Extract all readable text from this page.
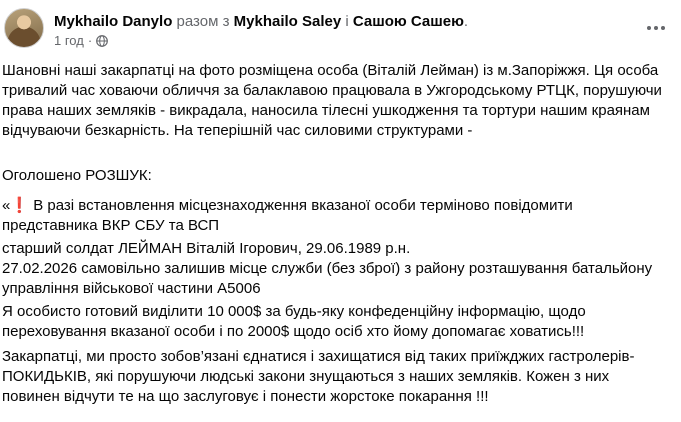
Mykhailo Danylo разом з Mykhailo Saley і Сашою Сашею.
1 год ·
Шановні наші закарпатці на фото розміщена особа (Віталій Лейман) із м.Запоріжжя. Ця особа тривалий час ховаючи обличчя за балаклавою працювала в Ужгородському РТЦК, порушуючи права наших земляків - викрадала, наносила тілесні ушкодження та тортури нашим краянам відчуваючи безкарність. На теперішній час силовими структурами -
Оголошено РОЗШУК:
«❗ В разі встановлення місцезнаходження вказаної особи терміново повідомити представника ВКР СБУ та ВСП
старший солдат ЛЕЙМАН Віталій Ігорович, 29.06.1989 р.н.
27.02.2026 самовільно залишив місце служби (без зброї) з району розташування батальйону управління військової частини А5006
Я особисто готовий виділити 10 000$ за будь-яку конфеденційну інформацію, щодо переховування вказаної особи і по 2000$ щодо осіб хто йому допомагає ховатись!!!
Закарпатці, ми просто зобов’язані єднатися і захищатися від таких приїжджих гастролерів-ПОКИДЬКІВ, які порушуючи людські закони знущаються з наших земляків. Кожен з них повинен відчути те на що заслуговує і понести жорстоке покарання !!!
